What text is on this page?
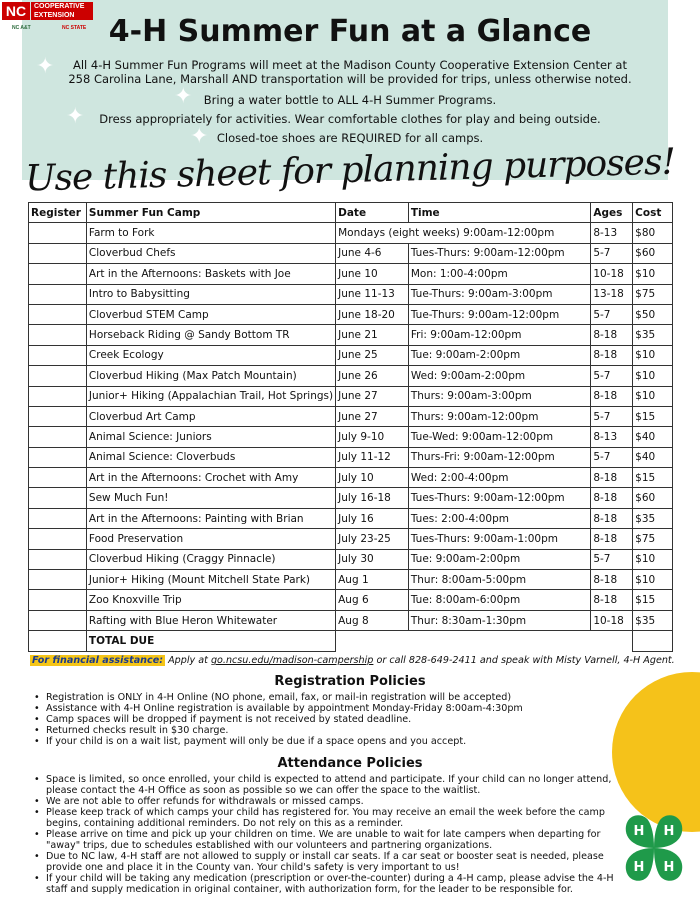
NC	COOPERATIVE
EXTENSION
NC A&T	NC STATE 4-H Summer Fun at a Glance
✦
✦
✦
✦
All 4-H Summer Fun Programs will meet at the Madison County Cooperative Extension Center at
258 Carolina Lane, Marshall AND transportation will be provided for trips, unless otherwise noted.
Bring a water bottle to ALL 4-H Summer Programs.
Dress appropriately for activities. Wear comfortable clothes for play and being outside.
Closed-toe shoes are REQUIRED for all camps.
Use this sheet for planning purposes!
Register	Summer Fun Camp	Date	Time	Ages	Cost
	Farm to Fork	Mondays (eight weeks) 9:00am-12:00pm		8-13	$80
	Cloverbud Chefs	June 4-6	Tues-Thurs: 9:00am-12:00pm	5-7	$60
	Art in the Afternoons: Baskets with Joe	June 10	Mon: 1:00-4:00pm	10-18	$10
	Intro to Babysitting	June 11-13	Tue-Thurs: 9:00am-3:00pm	13-18	$75
	Cloverbud STEM Camp	June 18-20	Tue-Thurs: 9:00am-12:00pm	5-7	$50
	Horseback Riding @ Sandy Bottom TR	June 21	Fri: 9:00am-12:00pm	8-18	$35
	Creek Ecology	June 25	Tue: 9:00am-2:00pm	8-18	$10
	Cloverbud Hiking (Max Patch Mountain)	June 26	Wed: 9:00am-2:00pm	5-7	$10
	Junior+ Hiking (Appalachian Trail, Hot Springs)	June 27	Thurs: 9:00am-3:00pm	8-18	$10
	Cloverbud Art Camp	June 27	Thurs: 9:00am-12:00pm	5-7	$15
	Animal Science: Juniors	July 9-10	Tue-Wed: 9:00am-12:00pm	8-13	$40
	Animal Science: Cloverbuds	July 11-12	Thurs-Fri: 9:00am-12:00pm	5-7	$40
	Art in the Afternoons: Crochet with Amy	July 10	Wed: 2:00-4:00pm	8-18	$15
	Sew Much Fun!	July 16-18	Tues-Thurs: 9:00am-12:00pm	8-18	$60
	Art in the Afternoons: Painting with Brian	July 16	Tues: 2:00-4:00pm	8-18	$35
	Food Preservation	July 23-25	Tues-Thurs: 9:00am-1:00pm	8-18	$75
	Cloverbud Hiking (Craggy Pinnacle)	July 30	Tue: 9:00am-2:00pm	5-7	$10
	Junior+ Hiking (Mount Mitchell State Park)	Aug 1	Thur: 8:00am-5:00pm	8-18	$10
	Zoo Knoxville Trip	Aug 6	Tue: 8:00am-6:00pm	8-18	$15
	Rafting with Blue Heron Whitewater	Aug 8	Thur: 8:30am-1:30pm	10-18	$35
	TOTAL DUE				
For financial assistance: Apply at go.ncsu.edu/madison-campership or call 828-649-2411 and speak with Misty Varnell, 4-H Agent.
Registration Policies
• Registration is ONLY in 4-H Online (NO phone, email, fax, or mail-in registration will be accepted)
• Assistance with 4-H Online registration is available by appointment Monday-Friday 8:00am-4:30pm
• Camp spaces will be dropped if payment is not received by stated deadline.
• Returned checks result in $30 charge.
• If your child is on a wait list, payment will only be due if a space opens and you accept.
Attendance Policies
• Space is limited, so once enrolled, your child is expected to attend and participate. If your child can no longer attend, please contact the 4-H Office as soon as possible so we can offer the space to the waitlist.
• We are not able to offer refunds for withdrawals or missed camps.
• Please keep track of which camps your child has registered for. You may receive an email the week before the camp begins, containing additional reminders. Do not rely on this as a reminder.
• Please arrive on time and pick up your children on time. We are unable to wait for late campers when departing for "away" trips, due to schedules established with our volunteers and partnering organizations.
• Due to NC law, 4-H staff are not allowed to supply or install car seats. If a car seat or booster seat is needed, please provide one and place it in the County van. Your child's safety is very important to us!
• If your child will be taking any medication (prescription or over-the-counter) during a 4-H camp, please advise the 4-H staff and supply medication in original container, with authorization form, for the leader to be responsible for.
H H
H H
